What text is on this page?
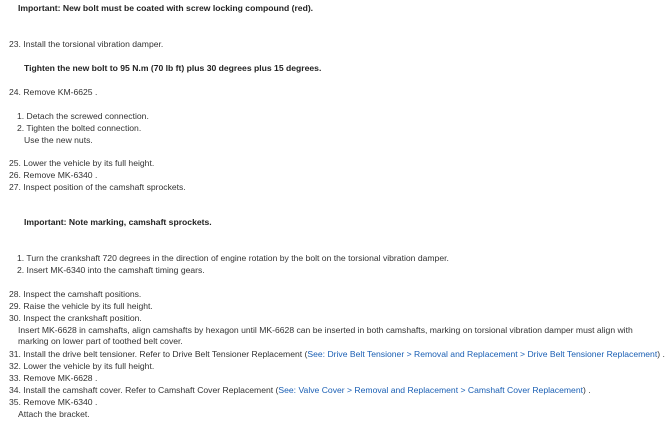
Important: New bolt must be coated with screw locking compound (red).
23. Install the torsional vibration damper.
Tighten the new bolt to 95 N.m (70 lb ft) plus 30 degrees plus 15 degrees.
24. Remove KM-6625 .
1. Detach the screwed connection.
2. Tighten the bolted connection.
Use the new nuts.
25. Lower the vehicle by its full height.
26. Remove MK-6340 .
27. Inspect position of the camshaft sprockets.
Important: Note marking, camshaft sprockets.
1. Turn the crankshaft 720 degrees in the direction of engine rotation by the bolt on the torsional vibration damper.
2. Insert MK-6340 into the camshaft timing gears.
28. Inspect the camshaft positions.
29. Raise the vehicle by its full height.
30. Inspect the crankshaft position.
Insert MK-6628 in camshafts, align camshafts by hexagon until MK-6628 can be inserted in both camshafts, marking on torsional vibration damper must align with marking on lower part of toothed belt cover.
31. Install the drive belt tensioner. Refer to Drive Belt Tensioner Replacement (See: Drive Belt Tensioner > Removal and Replacement > Drive Belt Tensioner Replacement) .
32. Lower the vehicle by its full height.
33. Remove MK-6628 .
34. Install the camshaft cover. Refer to Camshaft Cover Replacement (See: Valve Cover > Removal and Replacement > Camshaft Cover Replacement) .
35. Remove MK-6340 .
Attach the bracket.
